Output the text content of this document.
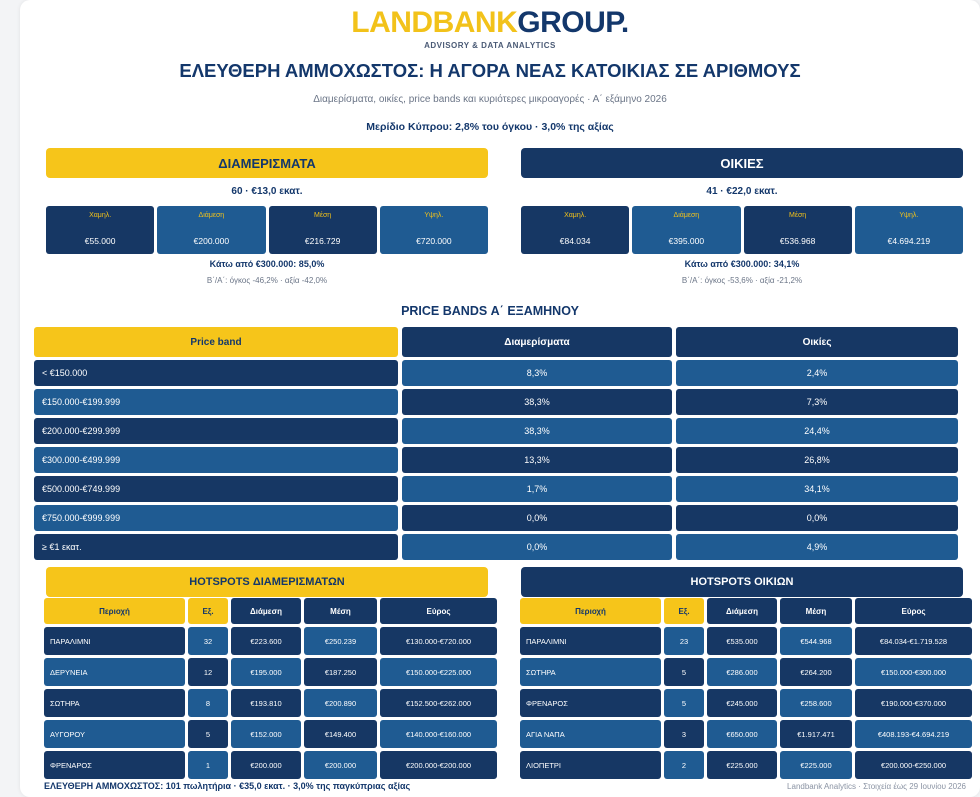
LANDBANKGROUP.
ADVISORY & DATA ANALYTICS
ΕΛΕΥΘΕΡΗ ΑΜΜΟΧΩΣΤΟΣ: Η ΑΓΟΡΑ ΝΕΑΣ ΚΑΤΟΙΚΙΑΣ ΣΕ ΑΡΙΘΜΟΥΣ
Διαμερίσματα, οικίες, price bands και κυριότερες μικροαγορές · Α΄ εξάμηνο 2026
Μερίδιο Κύπρου: 2,8% του όγκου · 3,0% της αξίας
ΔΙΑΜΕΡΙΣΜΑΤΑ
60 · €13,0 εκατ.
Χαμηλ.
€55.000
Διάμεση
€200.000
Μέση
€216.729
Υψηλ.
€720.000
Κάτω από €300.000: 85,0%
Β΄/Α΄: όγκος -46,2% · αξία -42,0%
ΟΙΚΙΕΣ
41 · €22,0 εκατ.
Χαμηλ.
€84.034
Διάμεση
€395.000
Μέση
€536.968
Υψηλ.
€4.694.219
Κάτω από €300.000: 34,1%
Β΄/Α΄: όγκος -53,6% · αξία -21,2%
PRICE BANDS Α΄ ΕΞΑΜΗΝΟΥ
Price band	Διαμερίσματα	Οικίες
< €150.000	8,3%	2,4%
€150.000-€199.999	38,3%	7,3%
€200.000-€299.999	38,3%	24,4%
€300.000-€499.999	13,3%	26,8%
€500.000-€749.999	1,7%	34,1%
€750.000-€999.999	0,0%	0,0%
≥ €1 εκατ.	0,0%	4,9%
HOTSPOTS ΔΙΑΜΕΡΙΣΜΑΤΩΝ
Περιοχή	Εξ.	Διάμεση	Μέση	Εύρος
ΠΑΡΑΛΙΜΝΙ	32	€223.600	€250.239	€130.000-€720.000
ΔΕΡΥΝΕΙΑ	12	€195.000	€187.250	€150.000-€225.000
ΣΩΤΗΡΑ	8	€193.810	€200.890	€152.500-€262.000
ΑΥΓΟΡΟΥ	5	€152.000	€149.400	€140.000-€160.000
ΦΡΕΝΑΡΟΣ	1	€200.000	€200.000	€200.000-€200.000
HOTSPOTS ΟΙΚΙΩΝ
Περιοχή	Εξ.	Διάμεση	Μέση	Εύρος
ΠΑΡΑΛΙΜΝΙ	23	€535.000	€544.968	€84.034-€1.719.528
ΣΩΤΗΡΑ	5	€286.000	€264.200	€150.000-€300.000
ΦΡΕΝΑΡΟΣ	5	€245.000	€258.600	€190.000-€370.000
ΑΓΙΑ ΝΑΠΑ	3	€650.000	€1.917.471	€408.193-€4.694.219
ΛΙΟΠΕΤΡΙ	2	€225.000	€225.000	€200.000-€250.000
ΕΛΕΥΘΕΡΗ ΑΜΜΟΧΩΣΤΟΣ: 101 πωλητήρια · €35,0 εκατ. · 3,0% της παγκύπριας αξίας	Landbank Analytics · Στοιχεία έως 29 Ιουνίου 2026
